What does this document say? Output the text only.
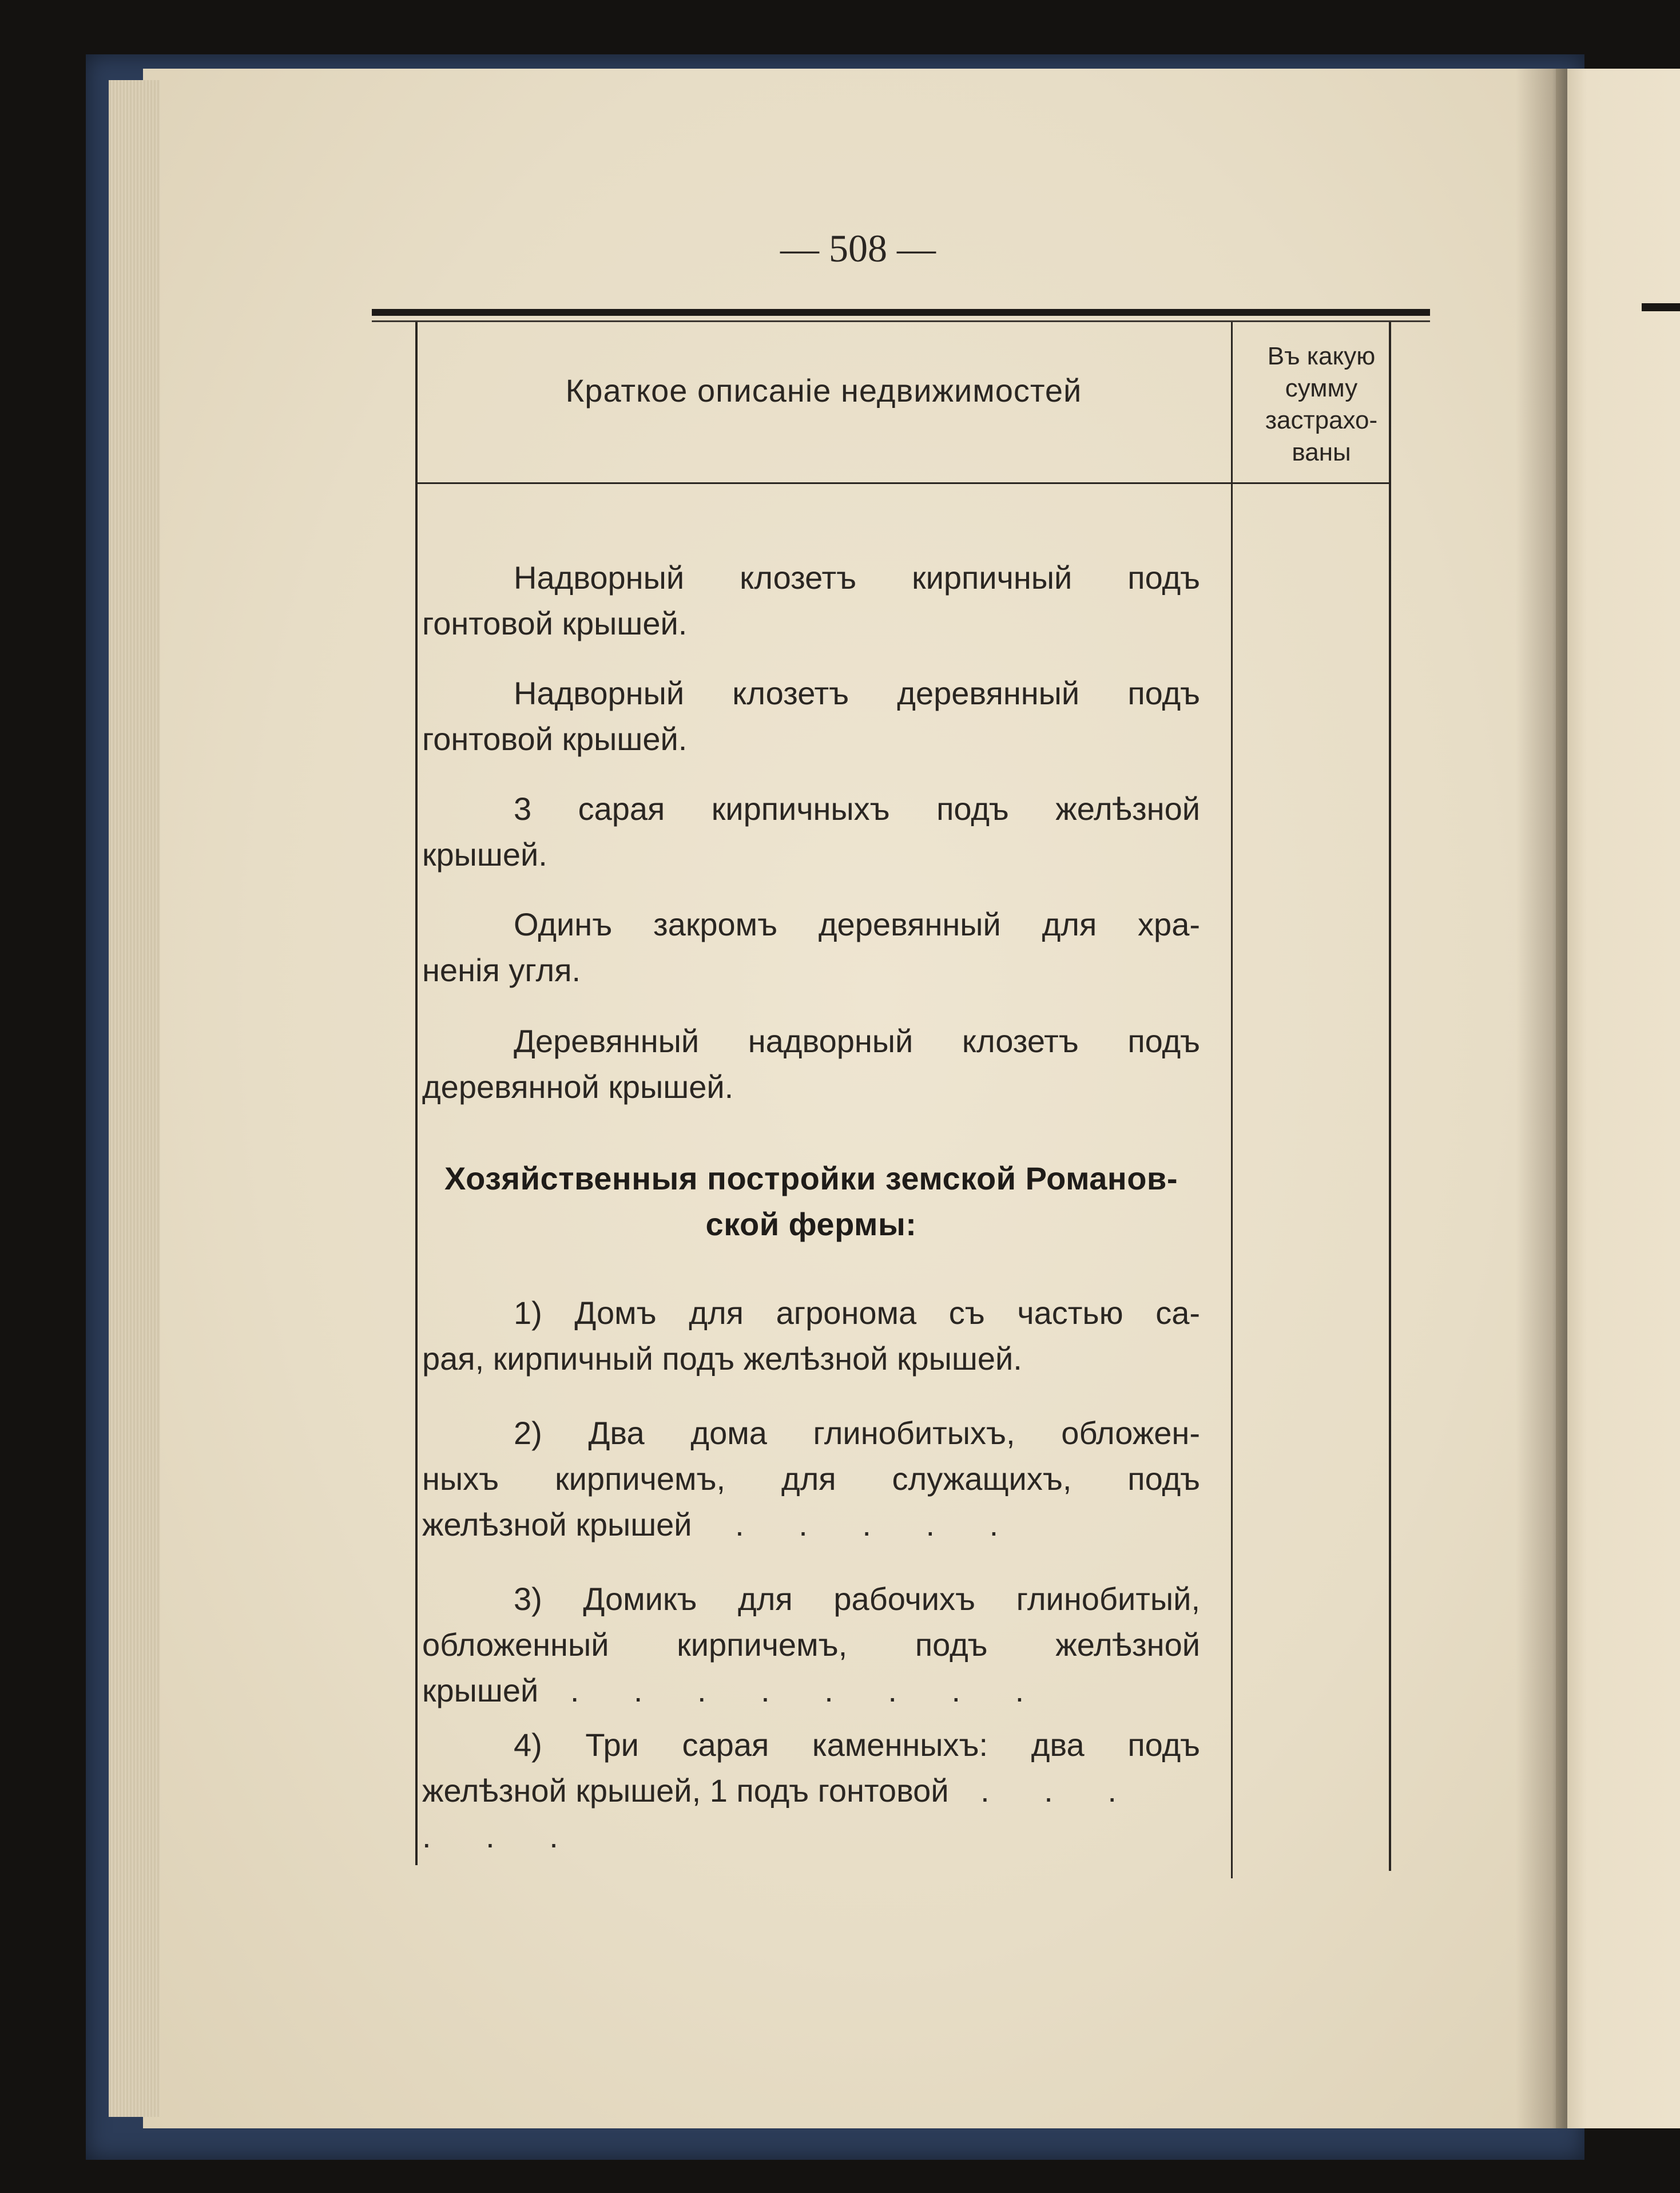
— 508 —
Краткое описаніе недвижимостей
Въ какую
сумму
застрахо-
ваны
Надворный клозетъ кирпичный подъ
гонтовой крышей.
Надворный клозетъ деревянный подъ
гонтовой крышей.
3 сарая кирпичныхъ подъ желѣзной
крышей.
Одинъ закромъ деревянный для хра-
ненія угля.
Деревянный надворный клозетъ подъ
деревянной крышей.
Хозяйственныя постройки земской Романов-
ской фермы:
1) Домъ для агронома съ частью са-
рая, кирпичный подъ желѣзной крышей.
2) Два дома глинобитыхъ, обложен-
ныхъ кирпичемъ, для служащихъ, подъ
желѣзной крышей . . . . .
3) Домикъ для рабочихъ глинобитый,
обложенный кирпичемъ, подъ желѣзной
крышей . . . . . . . .
4) Три сарая каменныхъ: два подъ
желѣзной крышей, 1 подъ гонтовой . . . . . .
